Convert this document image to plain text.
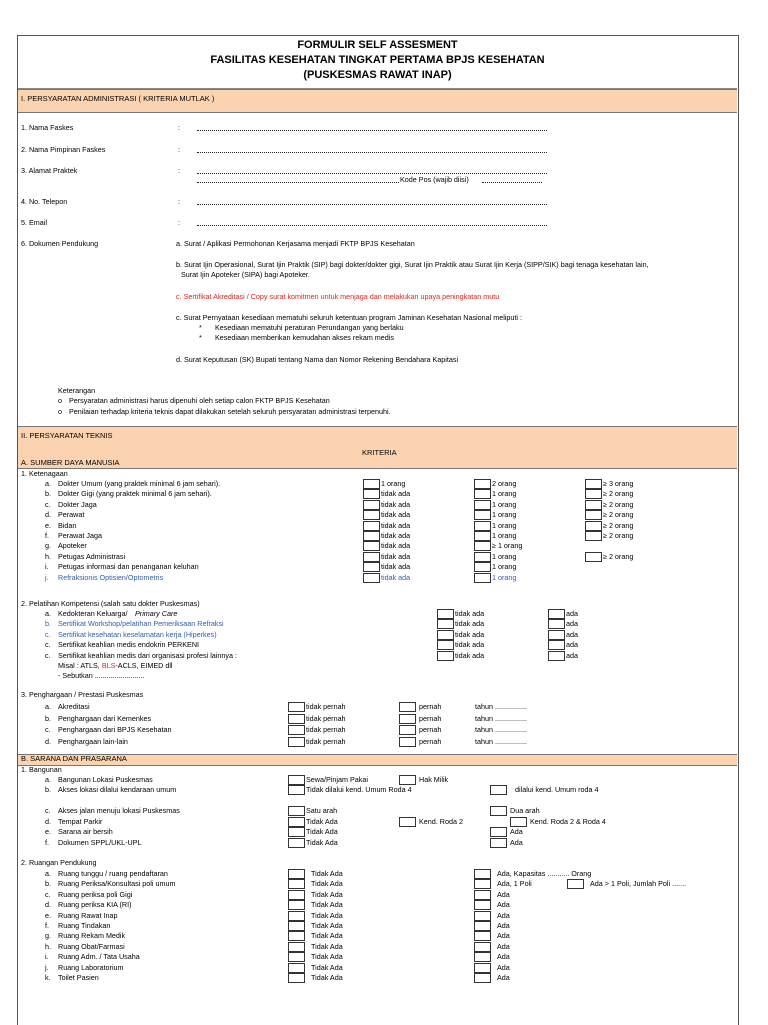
FORMULIR SELF ASSESMENT
FASILITAS KESEHATAN TINGKAT PERTAMA BPJS KESEHATAN
(PUSKESMAS RAWAT INAP)
I. PERSYARATAN ADMINISTRASI ( KRITERIA MUTLAK )
1. Nama Faskes	:
2. Nama Pimpinan Faskes	:
3. Alamat Praktek	:
4. No. Telepon	:
5. Email	:
6. Dokumen Pendukung
Kode Pos (wajib diisi)
a. Surat / Aplikasi Permohonan Kerjasama menjadi FKTP BPJS Kesehatan
b. Surat Ijin Operasional, Surat Ijin Praktik (SIP) bagi dokter/dokter gigi, Surat Ijin Praktik atau Surat Ijin Kerja (SIPP/SIK) bagi tenaga kesehatan lain,
Surat Ijin Apoteker (SIPA) bagi Apoteker.
c. Sertifikat Akreditasi / Copy surat komitmen untuk menjaga dan melakukan upaya peningkatan mutu
c. Surat Pernyataan kesediaan mematuhi seluruh ketentuan program Jaminan Kesehatan Nasional meliputi :
* Kesediaan mematuhi peraturan Perundangan yang berlaku
* Kesediaan memberikan kemudahan akses rekam medis
d. Surat Keputusan (SK) Bupati tentang Nama dan Nomor Rekening Bendahara Kapitasi
Keterangan
o Persyaratan administrasi harus dipenuhi oleh setiap calon FKTP BPJS Kesehatan
o Penilaian terhadap kriteria teknis dapat dilakukan setelah seluruh persyaratan administrasi terpenuhi.
II. PERSYARATAN TEKNIS
KRITERIA
A. SUMBER DAYA MANUSIA
1. Ketenagaan
a. Dokter Umum (yang praktek minimal 6 jam sehari).	1 orang	2 orang	≥ 3 orang
b. Dokter Gigi (yang praktek minimal 6 jam sehari).	tidak ada	1 orang	≥ 2 orang
c. Dokter Jaga	tidak ada	1 orang	≥ 2 orang
d. Perawat	tidak ada	1 orang	≥ 2 orang
e. Bidan	tidak ada	1 orang	≥ 2 orang
f. Perawat Jaga	tidak ada	1 orang	≥ 2 orang
g. Apoteker	tidak ada	≥ 1 orang
h. Petugas Administrasi	tidak ada	1 orang	≥ 2 orang
i. Petugas informasi dan penanganan keluhan	tidak ada	1 orang
j. Refraksionis Optisien/Optometris	tidak ada	1 orang
2. Pelatihan Kompetensi (salah satu dokter Puskesmas)
a. Kedokteran Keluarga/ Primary Care	tidak ada	ada
b. Sertifikat Workshop/pelatihan Pemeriksaan Refraksi	tidak ada	ada
c. Sertifikat kesehatan keselamatan kerja (Hiperkes)	tidak ada	ada
c. Sertifikat keahlian medis endokrin PERKENI	tidak ada	ada
c. Sertifikat keahlian medis dari organisasi profesi lainnya :	tidak ada	ada
Misal : ATLS, BLS-ACLS, EIMED dll
- Sebutkan .........................
3. Penghargaan / Prestasi Puskesmas
a. Akreditasi	tidak pernah	pernah	tahun ................
b. Penghargaan dari Kemenkes	tidak pernah	pernah	tahun ................
c. Penghargaan dari BPJS Kesehatan	tidak pernah	pernah	tahun ................
d. Penghargaan lain-lain	tidak pernah	pernah	tahun ................
B. SARANA DAN PRASARANA
1. Bangunan
a. Bangunan Lokasi Puskesmas	Sewa/Pinjam Pakai	Hak Milik
b. Akses lokasi dilalui kendaraan umum	Tidak dilalui kend. Umum Roda 4	dilalui kend. Umum roda 4
c. Akses jalan menuju lokasi Puskesmas	Satu arah	Dua arah
d. Tempat Parkir	Tidak Ada	Kend. Roda 2	Kend. Roda 2 & Roda 4
e. Sarana air bersih	Tidak Ada	Ada
f. Dokumen SPPL/UKL-UPL	Tidak Ada	Ada
2. Ruangan Pendukung
a. Ruang tunggu / ruang pendaftaran	Tidak Ada	Ada, Kapasitas ........... Orang
b. Ruang Periksa/Konsultasi poli umum	Tidak Ada	Ada, 1 Poli	Ada > 1 Poli, Jumlah Poli .......
c. Ruang periksa poli Gigi	Tidak Ada	Ada
d. Ruang periksa KIA (RI)	Tidak Ada	Ada
e. Ruang Rawat Inap	Tidak Ada	Ada
f. Ruang Tindakan	Tidak Ada	Ada
g. Ruang Rekam Medik	Tidak Ada	Ada
h. Ruang Obat/Farmasi	Tidak Ada	Ada
i. Ruang Adm. / Tata Usaha	Tidak Ada	Ada
j. Ruang Laboratorium	Tidak Ada	Ada
k. Toilet Pasien	Tidak Ada	Ada
